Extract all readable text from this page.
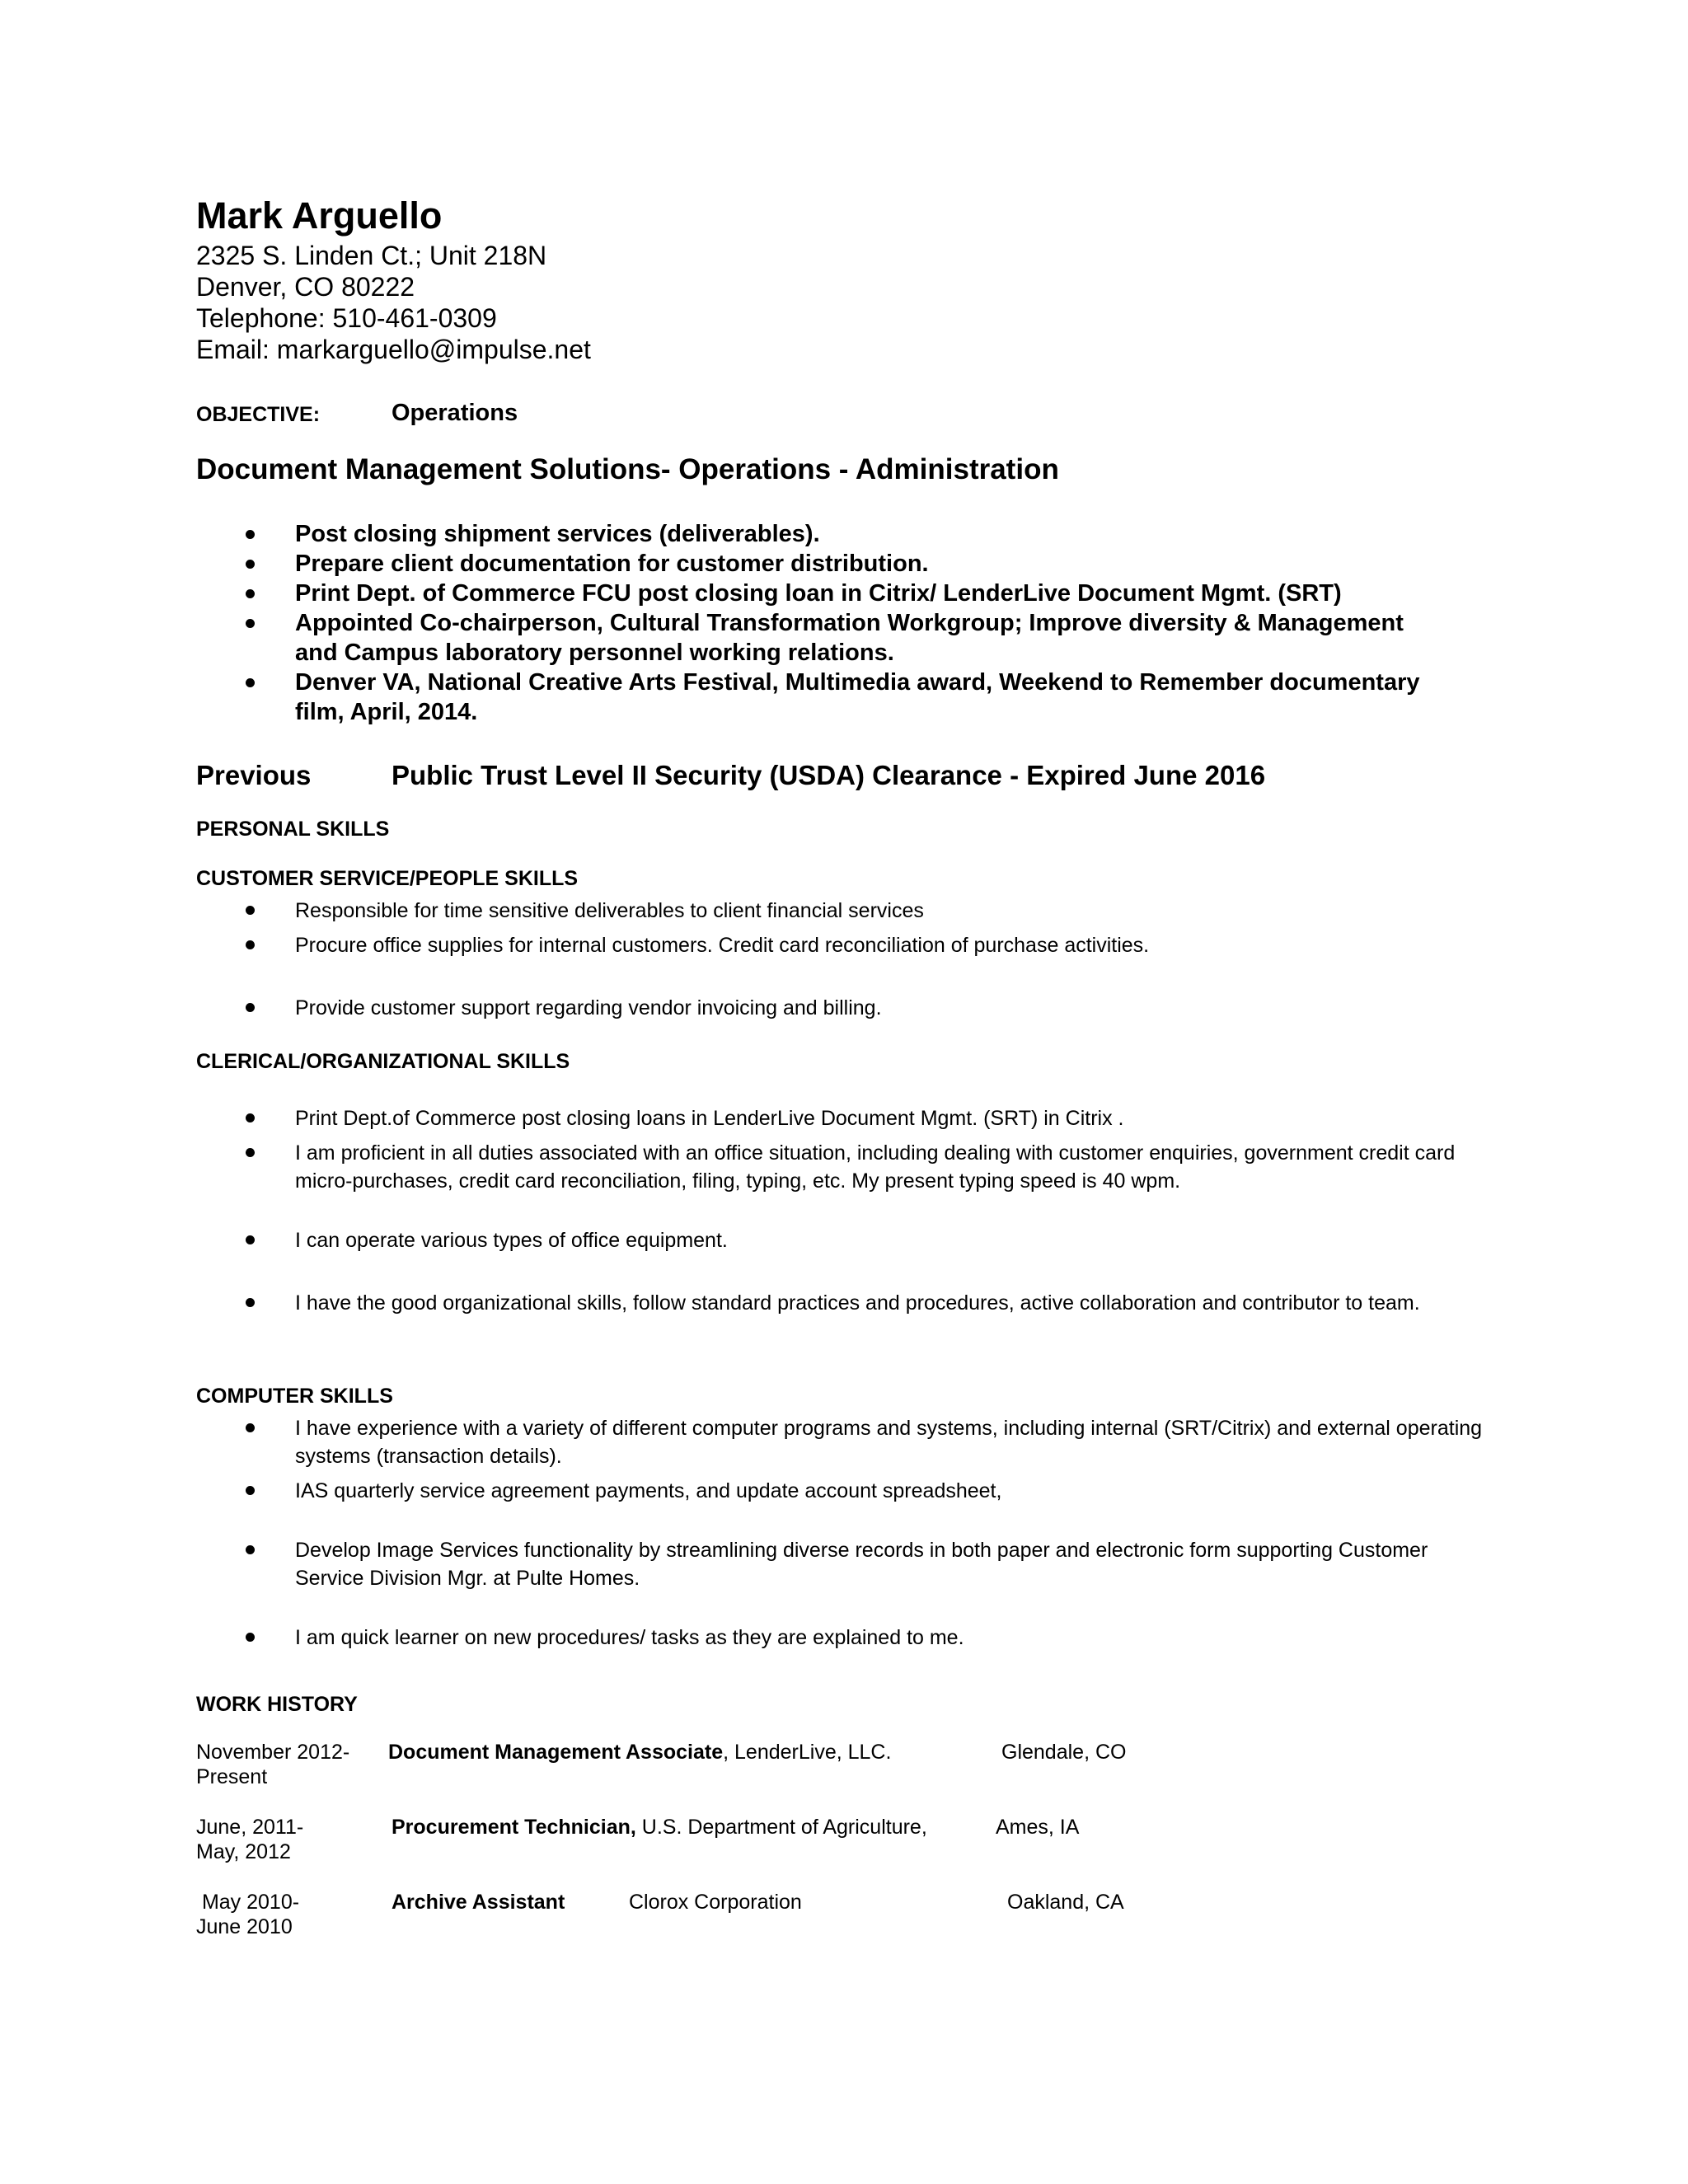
Mark Arguello
2325 S. Linden Ct.; Unit 218N
Denver, CO 80222
Telephone: 510-461-0309
Email: markarguello@impulse.net
OBJECTIVE:	Operations
Document Management Solutions- Operations - Administration
Post closing shipment services (deliverables).
Prepare client documentation for customer distribution.
Print Dept. of Commerce FCU post closing loan in Citrix/ LenderLive Document Mgmt. (SRT)
Appointed Co-chairperson, Cultural Transformation Workgroup; Improve diversity & Management and Campus laboratory personnel working relations.
Denver VA, National Creative Arts Festival, Multimedia award, Weekend to Remember documentary film, April, 2014.
Previous	Public Trust Level II Security (USDA) Clearance - Expired June 2016
PERSONAL SKILLS
CUSTOMER SERVICE/PEOPLE SKILLS
Responsible for time sensitive deliverables to client financial services
Procure office supplies for internal customers. Credit card reconciliation of purchase activities.
Provide customer support regarding vendor invoicing and billing.
CLERICAL/ORGANIZATIONAL SKILLS
Print Dept.of Commerce post closing loans in LenderLive Document Mgmt. (SRT) in Citrix .
I am proficient in all duties associated with an office situation, including dealing with customer enquiries, government credit card micro-purchases, credit card reconciliation, filing, typing, etc. My present typing speed is 40 wpm.
I can operate various types of office equipment.
I have the good organizational skills, follow standard practices and procedures, active collaboration and contributor to team.
COMPUTER SKILLS
I have experience with a variety of different computer programs and systems, including internal (SRT/Citrix) and external operating systems (transaction details).
IAS quarterly service agreement payments, and update account spreadsheet,
Develop Image Services functionality by streamlining diverse records in both paper and electronic form supporting Customer Service Division Mgr. at Pulte Homes.
I am quick learner on new procedures/ tasks as they are explained to me.
WORK HISTORY
November 2012-
Present
Document Management Associate, LenderLive, LLC.	Glendale, CO
June, 2011-
May, 2012
Procurement Technician, U.S. Department of Agriculture,	Ames, IA
May 2010-
June 2010
Archive Assistant	Clorox Corporation	Oakland, CA
